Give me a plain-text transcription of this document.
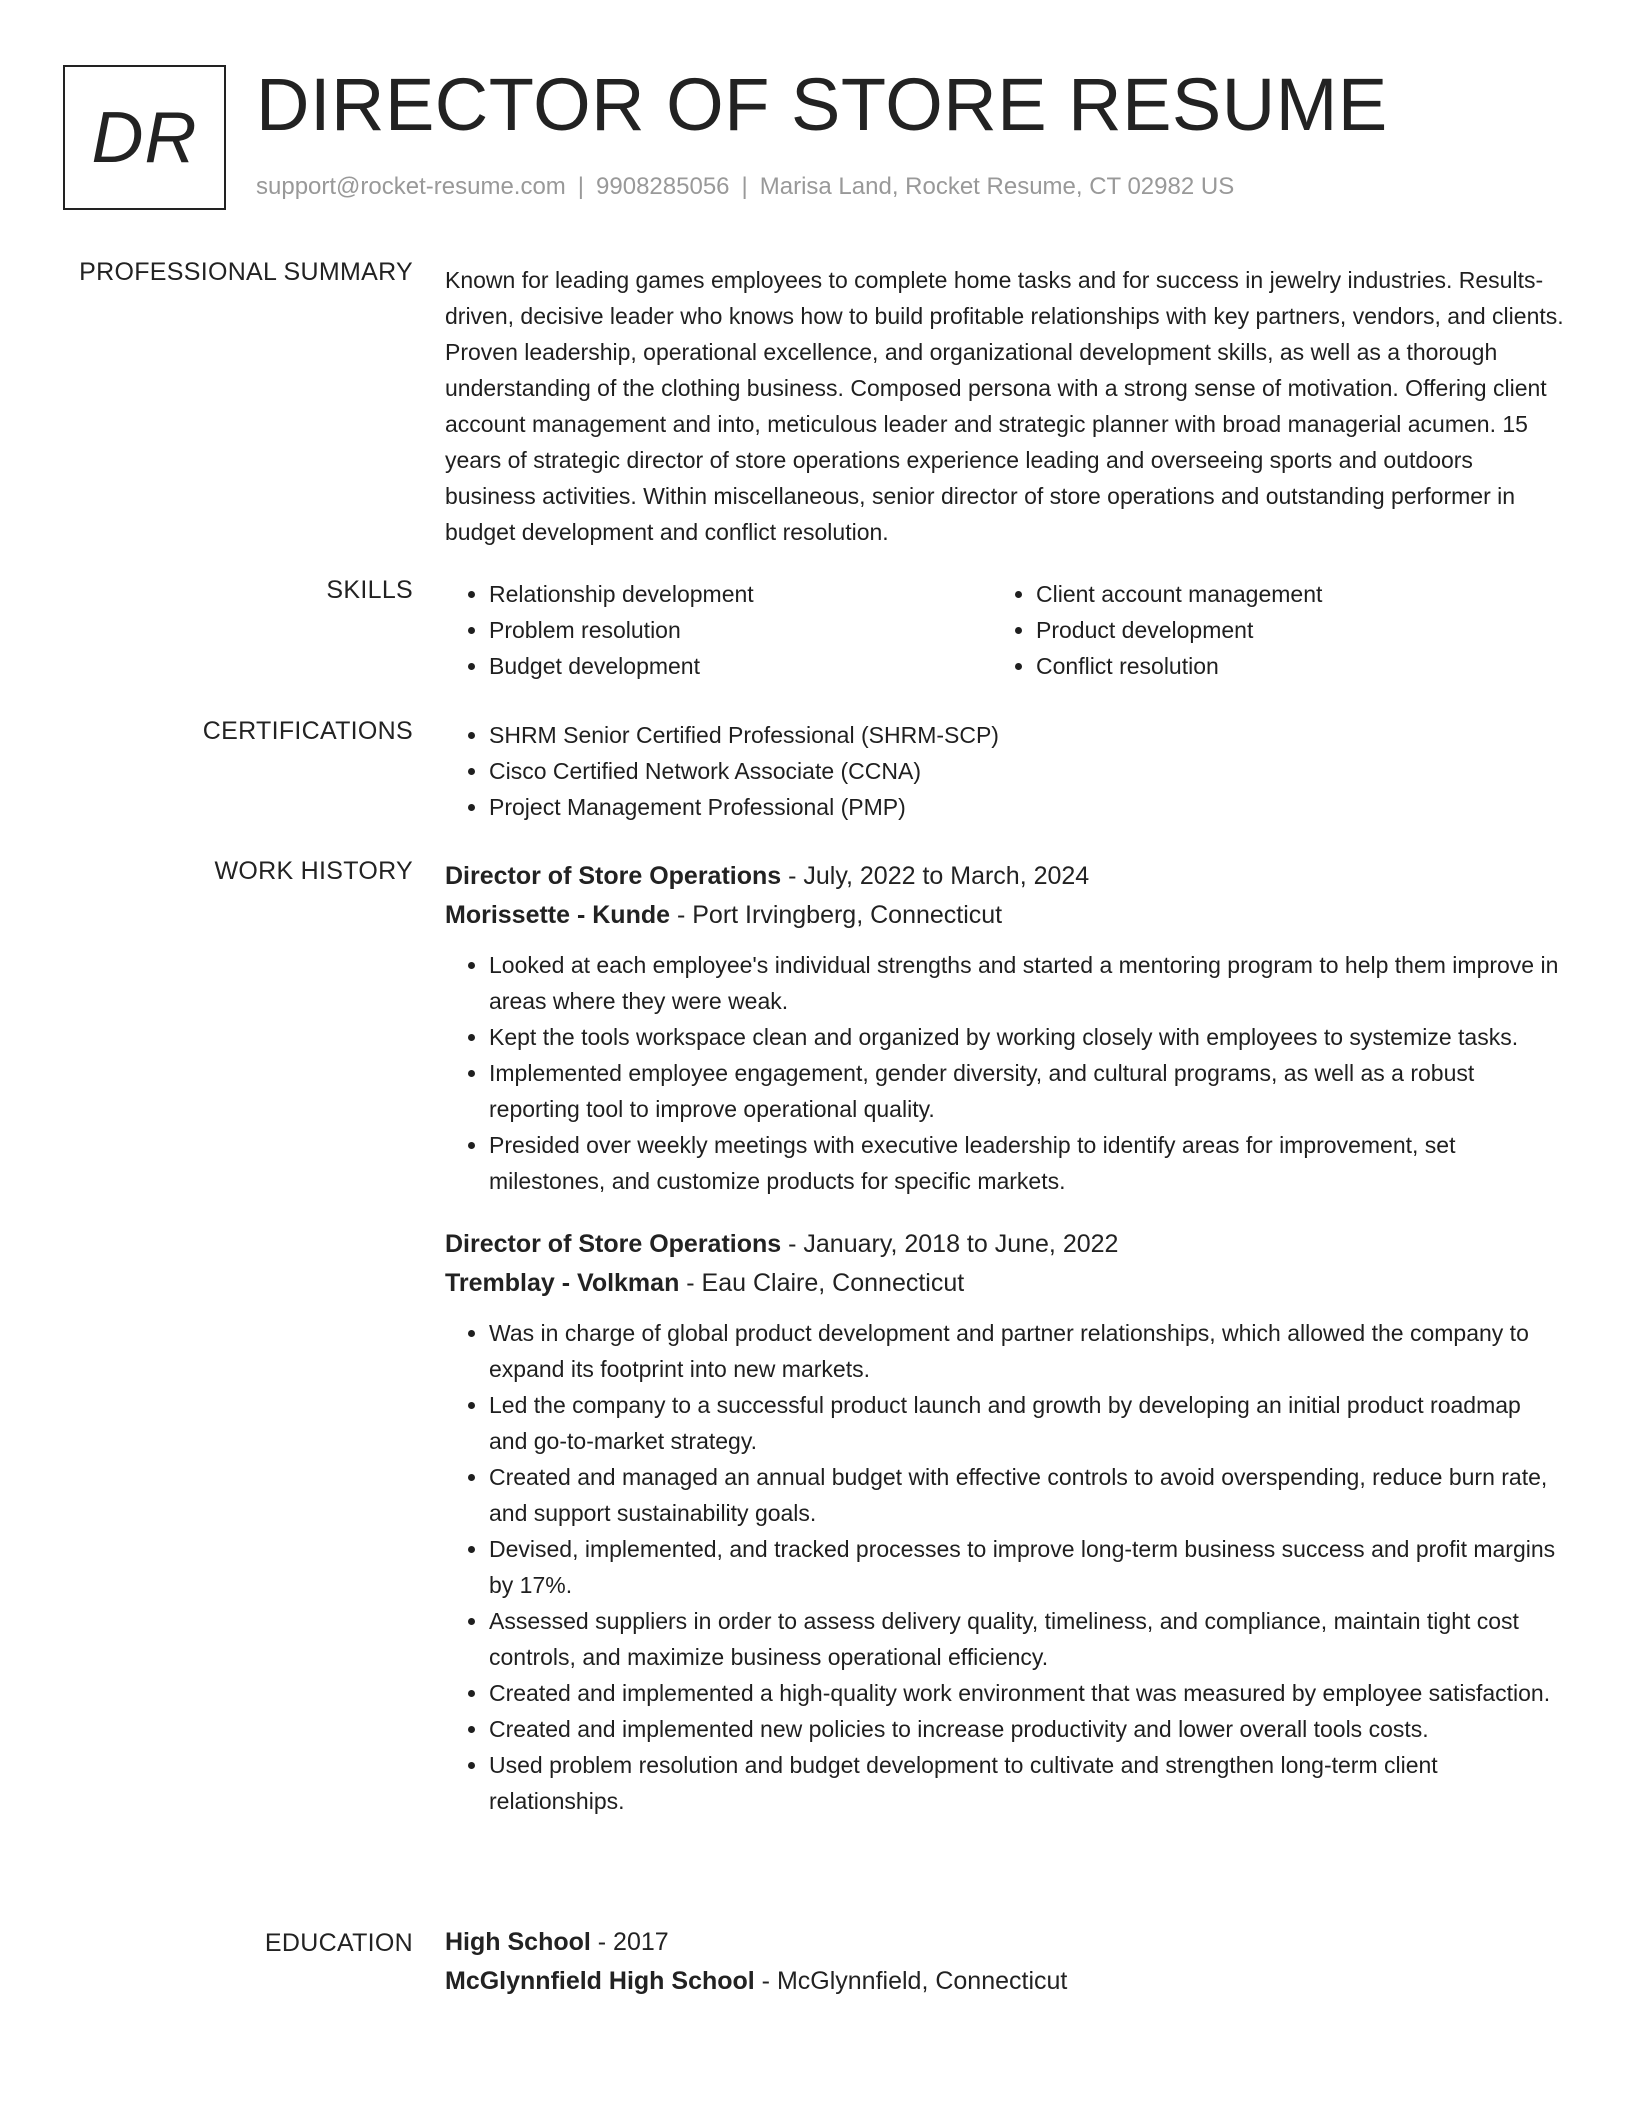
DR DIRECTOR OF STORE RESUME
support@rocket-resume.com | 9908285056 | Marisa Land, Rocket Resume, CT 02982 US
PROFESSIONAL SUMMARY Known for leading games employees to complete home tasks and for success in jewelry industries. Results-driven, decisive leader who knows how to build profitable relationships with key partners, vendors, and clients. Proven leadership, operational excellence, and organizational development skills, as well as a thorough understanding of the clothing business. Composed persona with a strong sense of motivation. Offering client account management and into, meticulous leader and strategic planner with broad managerial acumen. 15 years of strategic director of store operations experience leading and overseeing sports and outdoors business activities. Within miscellaneous, senior director of store operations and outstanding performer in budget development and conflict resolution.

SKILLS	• Relationship development
• Problem resolution
• Budget development
• Client account management
• Product development
• Conflict resolution
CERTIFICATIONS	• SHRM Senior Certified Professional (SHRM-SCP)
• Cisco Certified Network Associate (CCNA)
• Project Management Professional (PMP)
WORK HISTORY Director of Store Operations - July, 2022 to March, 2024
Morissette - Kunde - Port Irvingberg, Connecticut
• Looked at each employee's individual strengths and started a mentoring program to help them improve in areas where they were weak.
• Kept the tools workspace clean and organized by working closely with employees to systemize tasks.
• Implemented employee engagement, gender diversity, and cultural programs, as well as a robust reporting tool to improve operational quality.
• Presided over weekly meetings with executive leadership to identify areas for improvement, set milestones, and customize products for specific markets.
Director of Store Operations - January, 2018 to June, 2022
Tremblay - Volkman - Eau Claire, Connecticut
• Was in charge of global product development and partner relationships, which allowed the company to expand its footprint into new markets.
• Led the company to a successful product launch and growth by developing an initial product roadmap and go-to-market strategy.
• Created and managed an annual budget with effective controls to avoid overspending, reduce burn rate, and support sustainability goals.
• Devised, implemented, and tracked processes to improve long-term business success and profit margins by 17%.
• Assessed suppliers in order to assess delivery quality, timeliness, and compliance, maintain tight cost controls, and maximize business operational efficiency.
• Created and implemented a high-quality work environment that was measured by employee satisfaction.
• Created and implemented new policies to increase productivity and lower overall tools costs.
• Used problem resolution and budget development to cultivate and strengthen long-term client relationships.
EDUCATION High School - 2017
McGlynnfield High School - McGlynnfield, Connecticut
